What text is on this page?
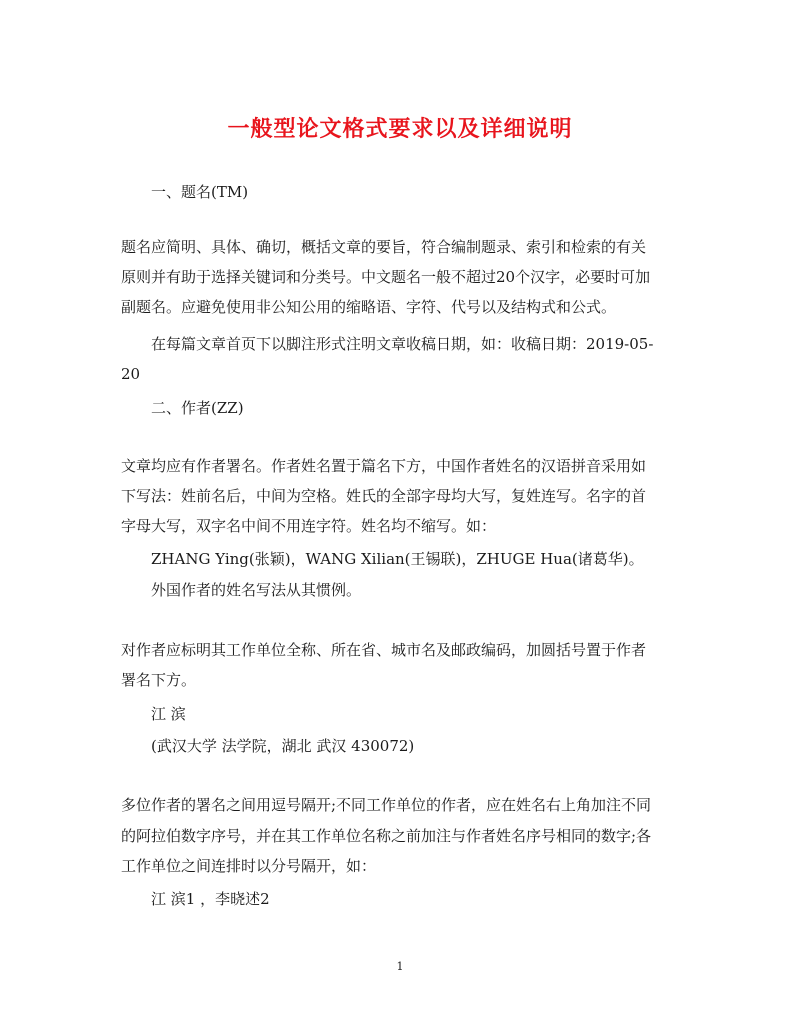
一般型论文格式要求以及详细说明
一、题名(TM)
题名应简明、具体、确切，概括文章的要旨，符合编制题录、索引和检索的有关
原则并有助于选择关键词和分类号。中文题名一般不超过20个汉字，必要时可加
副题名。应避免使用非公知公用的缩略语、字符、代号以及结构式和公式。
在每篇文章首页下以脚注形式注明文章收稿日期，如：收稿日期：2019-05-
20
二、作者(ZZ)
文章均应有作者署名。作者姓名置于篇名下方，中国作者姓名的汉语拼音采用如
下写法：姓前名后，中间为空格。姓氏的全部字母均大写，复姓连写。名字的首
字母大写，双字名中间不用连字符。姓名均不缩写。如：
ZHANG Ying(张颖)，WANG Xilian(王锡联)，ZHUGE Hua(诸葛华)。
外国作者的姓名写法从其惯例。
对作者应标明其工作单位全称、所在省、城市名及邮政编码，加圆括号置于作者
署名下方。
江 滨
(武汉大学 法学院，湖北 武汉 430072)
多位作者的署名之间用逗号隔开;不同工作单位的作者，应在姓名右上角加注不同
的阿拉伯数字序号，并在其工作单位名称之前加注与作者姓名序号相同的数字;各
工作单位之间连排时以分号隔开，如：
江 滨1 ，李晓述2
1
